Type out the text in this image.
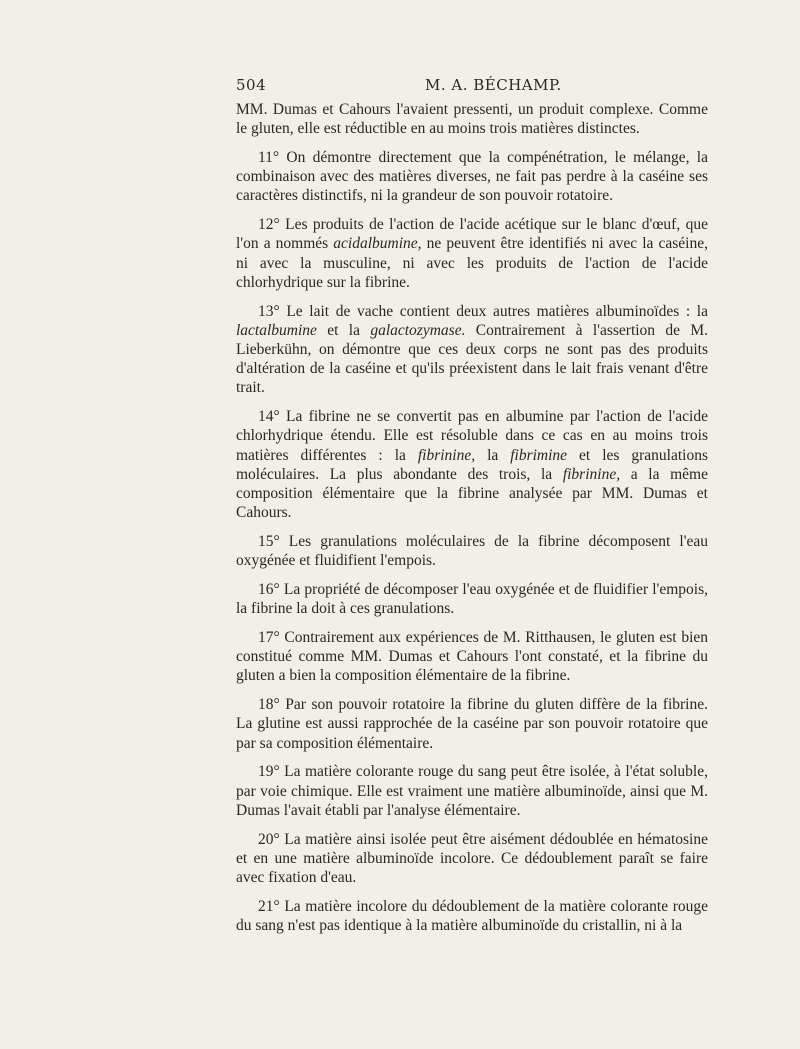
504	M. A. BÉCHAMP.

MM. Dumas et Cahours l'avaient pressenti, un produit complexe. Comme le gluten, elle est réductible en au moins trois matières distinctes.

11° On démontre directement que la compénétration, le mélange, la combinaison avec des matières diverses, ne fait pas perdre à la caséine ses caractères distinctifs, ni la grandeur de son pouvoir rotatoire.

12° Les produits de l'action de l'acide acétique sur le blanc d'œuf, que l'on a nommés acidalbumine, ne peuvent être identifiés ni avec la caséine, ni avec la musculine, ni avec les produits de l'action de l'acide chlorhydrique sur la fibrine.

13° Le lait de vache contient deux autres matières albuminoïdes : la lactalbumine et la galactozymase. Contrairement à l'assertion de M. Lieberkühn, on démontre que ces deux corps ne sont pas des produits d'altération de la caséine et qu'ils préexistent dans le lait frais venant d'être trait.

14° La fibrine ne se convertit pas en albumine par l'action de l'acide chlorhydrique étendu. Elle est résoluble dans ce cas en au moins trois matières différentes : la fibrinine, la fibrimine et les granulations moléculaires. La plus abondante des trois, la fibrinine, a la même composition élémentaire que la fibrine analysée par MM. Dumas et Cahours.

15° Les granulations moléculaires de la fibrine décomposent l'eau oxygénée et fluidifient l'empois.

16° La propriété de décomposer l'eau oxygénée et de fluidifier l'empois, la fibrine la doit à ces granulations.

17° Contrairement aux expériences de M. Ritthausen, le gluten est bien constitué comme MM. Dumas et Cahours l'ont constaté, et la fibrine du gluten a bien la composition élémentaire de la fibrine.

18° Par son pouvoir rotatoire la fibrine du gluten diffère de la fibrine. La glutine est aussi rapprochée de la caséine par son pouvoir rotatoire que par sa composition élémentaire.

19° La matière colorante rouge du sang peut être isolée, à l'état soluble, par voie chimique. Elle est vraiment une matière albuminoïde, ainsi que M. Dumas l'avait établi par l'analyse élémentaire.

20° La matière ainsi isolée peut être aisément dédoublée en hématosine et en une matière albuminoïde incolore. Ce dédoublement paraît se faire avec fixation d'eau.

21° La matière incolore du dédoublement de la matière colorante rouge du sang n'est pas identique à la matière albuminoïde du cristallin, ni à la
